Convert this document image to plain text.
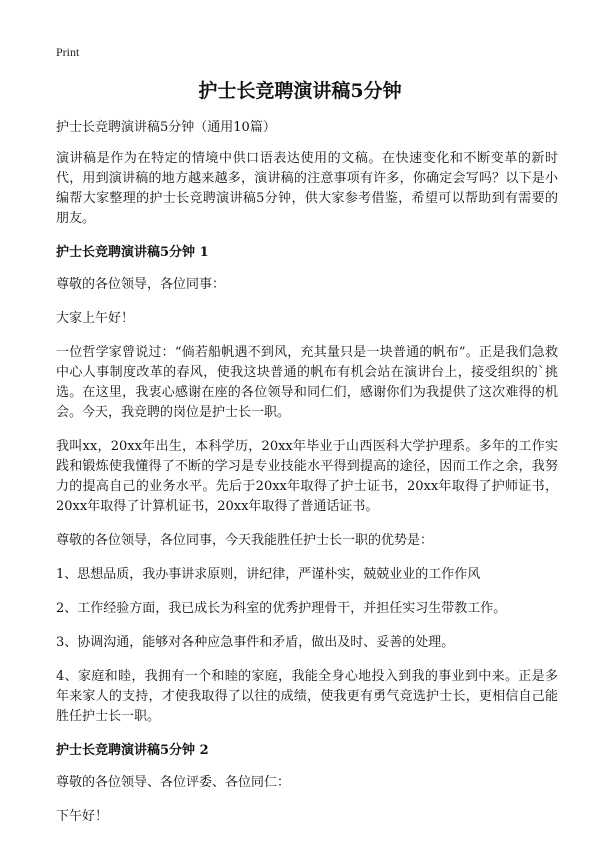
Print
护士长竞聘演讲稿5分钟

护士长竞聘演讲稿5分钟（通用10篇）

演讲稿是作为在特定的情境中供口语表达使用的文稿。在快速变化和不断变革的新时代，用到演讲稿的地方越来越多，演讲稿的注意事项有许多，你确定会写吗？以下是小编帮大家整理的护士长竞聘演讲稿5分钟，供大家参考借鉴，希望可以帮助到有需要的朋友。

护士长竞聘演讲稿5分钟 1

尊敬的各位领导，各位同事：

大家上午好！

一位哲学家曾说过：“倘若船帆遇不到风，充其量只是一块普通的帆布”。正是我们急救中心人事制度改革的春风，使我这块普通的帆布有机会站在演讲台上，接受组织的`挑选。在这里，我衷心感谢在座的各位领导和同仁们，感谢你们为我提供了这次难得的机会。今天，我竞聘的岗位是护士长一职。

我叫xx，20xx年出生，本科学历，20xx年毕业于山西医科大学护理系。多年的工作实践和锻炼使我懂得了不断的学习是专业技能水平得到提高的途径，因而工作之余，我努力的提高自己的业务水平。先后于20xx年取得了护士证书，20xx年取得了护师证书，20xx年取得了计算机证书，20xx年取得了普通话证书。

尊敬的各位领导，各位同事，今天我能胜任护士长一职的优势是：

1、思想品质，我办事讲求原则，讲纪律，严谨朴实，兢兢业业的工作作风

2、工作经验方面，我已成长为科室的优秀护理骨干，并担任实习生带教工作。

3、协调沟通，能够对各种应急事件和矛盾，做出及时、妥善的处理。

4、家庭和睦，我拥有一个和睦的家庭，我能全身心地投入到我的事业到中来。正是多年来家人的支持，才使我取得了以往的成绩，使我更有勇气竞选护士长，更相信自己能胜任护士长一职。

护士长竞聘演讲稿5分钟 2

尊敬的各位领导、各位评委、各位同仁：

下午好！
